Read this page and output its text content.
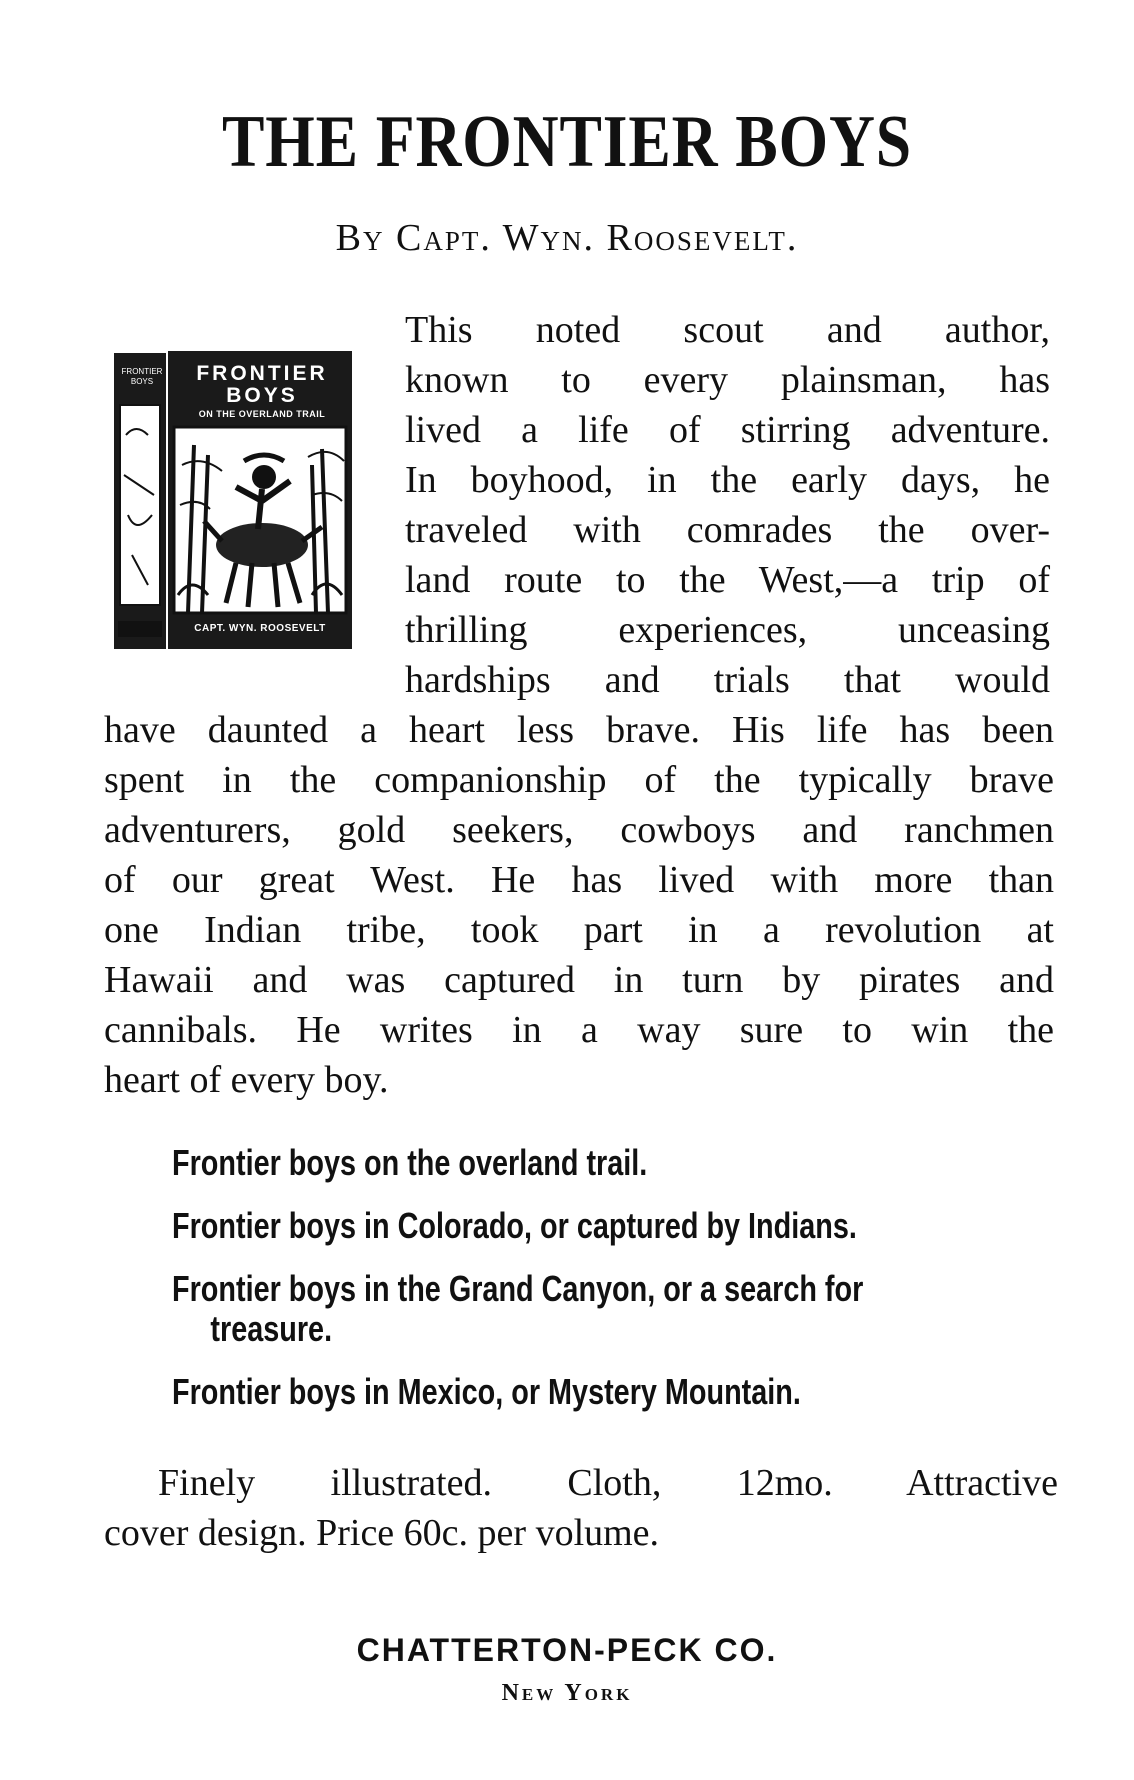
THE FRONTIER BOYS
By Capt. Wyn. Roosevelt.
FRONTIER
BOYS
ON THE OVERLAND TRAIL
CAPT. WYN. ROOSEVELT
FRONTIER BOYS

This noted scout and author,

known to every plainsman, has

lived a life of stirring adventure.

In boyhood, in the early days, he

traveled with comrades the over-

land route to the West,—a trip of

thrilling experiences, unceasing

hardships and trials that would

have daunted a heart less brave. His life has been

spent in the companionship of the typically brave

adventurers, gold seekers, cowboys and ranchmen

of our great West. He has lived with more than

one Indian tribe, took part in a revolution at

Hawaii and was captured in turn by pirates and

cannibals. He writes in a way sure to win the

heart of every boy.

Frontier boys on the overland trail.
Frontier boys in Colorado, or captured by Indians.
Frontier boys in the Grand Canyon, or a search for
treasure.
Frontier boys in Mexico, or Mystery Mountain.

Finely illustrated. Cloth, 12mo. Attractive

cover design. Price 60c. per volume.

CHATTERTON-PECK CO.
New York
